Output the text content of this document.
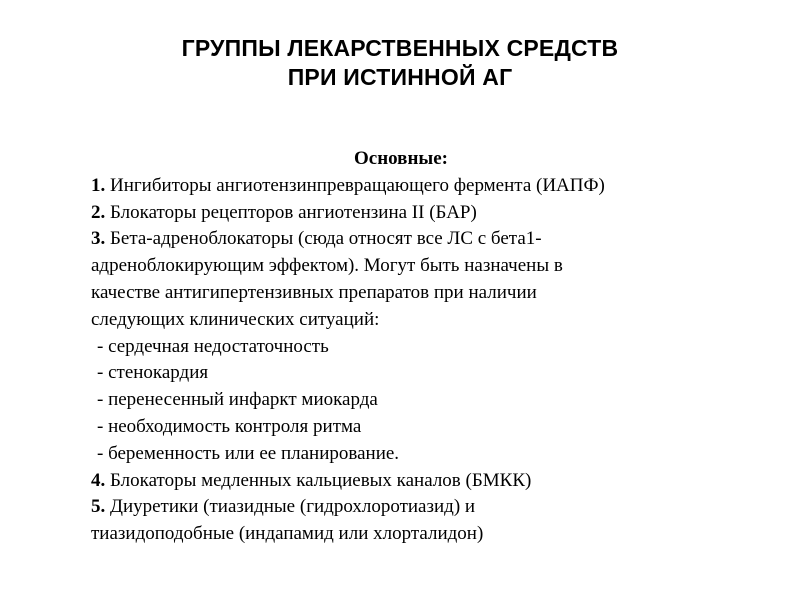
ГРУППЫ ЛЕКАРСТВЕННЫХ СРЕДСТВ
ПРИ ИСТИННОЙ АГ
Основные:
1. Ингибиторы ангиотензинпревращающего фермента (ИАПФ)
2. Блокаторы рецепторов ангиотензина II (БАР)
3. Бета-адреноблокаторы (сюда относят все ЛС с бета1-
адреноблокирующим эффектом). Могут быть назначены в
качестве антигипертензивных препаратов при наличии
следующих клинических ситуаций:
- сердечная недостаточность
- стенокардия
- перенесенный инфаркт миокарда
- необходимость контроля ритма
- беременность или ее планирование.
4. Блокаторы медленных кальциевых каналов (БМКК)
5. Диуретики (тиазидные (гидрохлоротиазид) и
тиазидоподобные (индапамид или хлорталидон)
